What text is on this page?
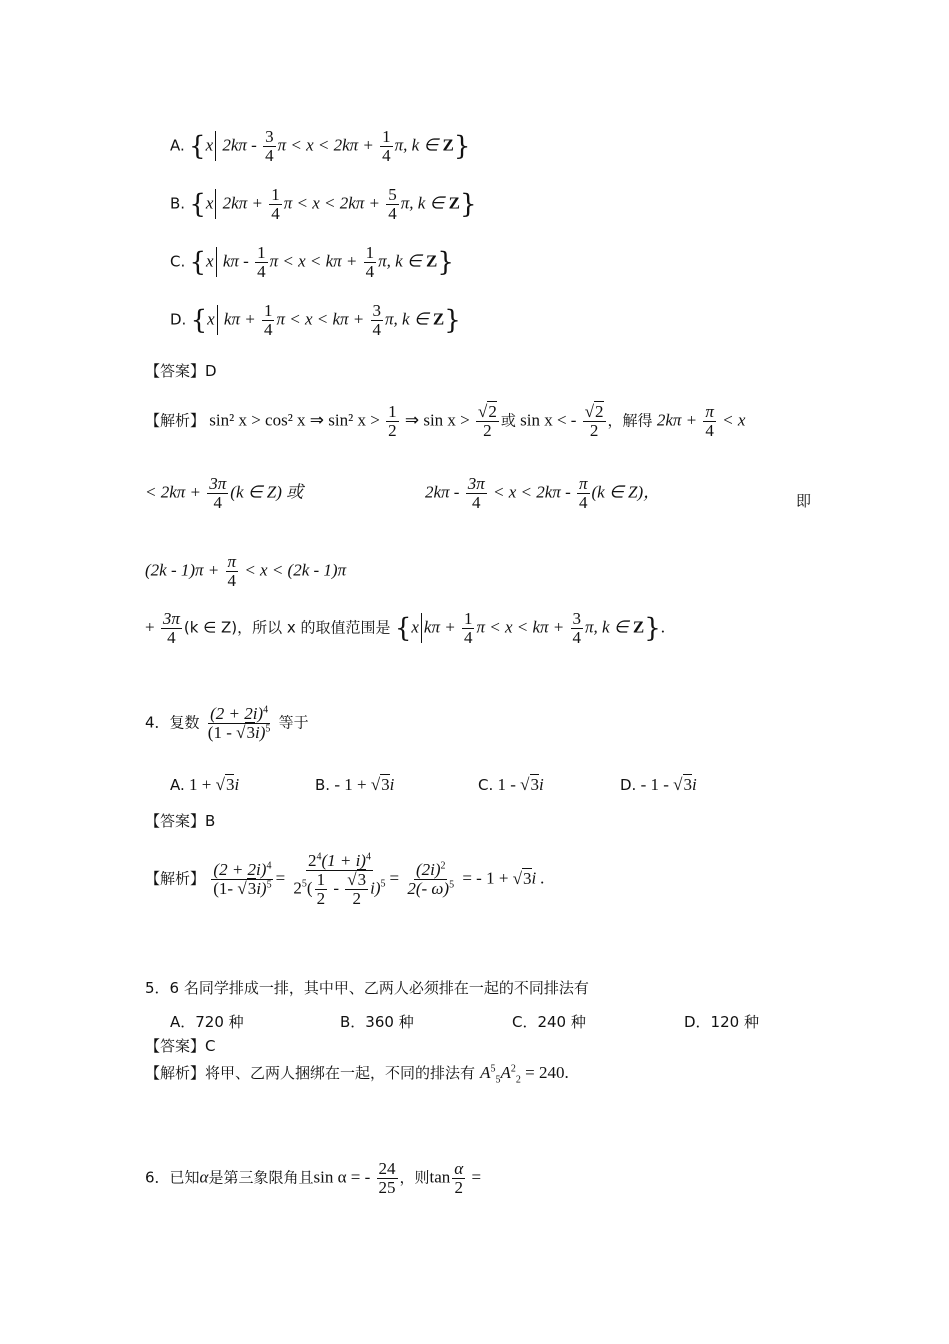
A. {x $2k\pi - \frac{3}{4}$ $\pi < x < 2k\pi + \frac{1}{4} \pi$, k ∈ Z}
B. {x $2k\pi + \frac{1}{4}$ $\pi < x < 2k\pi + \frac{5}{4} \pi$, k ∈ Z}
C. {x kπ - $\frac{1}{4}$ $\pi < x < k\pi + \frac{1}{4} \pi$, k ∈ Z}
D. {x $k\pi + \frac{1}{4}$ $\pi < x < k\pi + \frac{3}{4} \pi$, k ∈ Z}
【答案】D
【解析】 sin² x > cos² x ⇒ sin² $x > \frac{1}{2}$ ⇒ sin x >
√ $\frac{2}{2}$ 或 sin x < -
√ $\frac{2}{2}$ ，解得 $2k\pi + \frac{\pi}{4} < x$
< $2k\pi + \frac{3\pi}{4} (k$ ∈ Z) 或	$2k\pi - \frac{3\pi}{4} < x < 2k\pi - \frac{\pi}{4} (k$ ∈ Z)，	即
$(2k - 1)\pi + \frac{\pi}{4} < x < (2k - 1)\pi$
+ $\frac{3\pi}{4} (k$ ∈ Z)，所以 x 的取值范围是 {x $k\pi + \frac{1}{4}$ $\pi < x < k\pi + \frac{3}{4} \pi$, k ∈ Z}.
4．复数 $\frac{(2 + 2i)^4}{(1 - √ 3i)^5}$ 等于
A. 1 + √ 3i	B. - 1 + √ 3i	C. 1 - √ 3i	D. - 1 - √ 3i
【答案】B
【解析】 $\frac{(2 + 2i)^4}{(1- √ 3i)^5} = 2^4(1 + i)^4$
$2^5( \frac{1}{2}$ -
√ $\frac{3}{2} i)^5 = \frac{(2i)^2}{2(- \omega)^5}$ = - 1 + √ 3i .
5．6 名同学排成一排，其中甲、乙两人必须排在一起的不同排法有
A．720 种	B．360 种	C．240 种	D．120 种
【答案】C
【解析】将甲、乙两人捆绑在一起，不同的排法有 $A^5_5A^2_2 = 240$.
6．已知α是第三象限角且sin α = - $\frac{24}{25}$ ，则$\tan \frac{\alpha}{2}$ =
